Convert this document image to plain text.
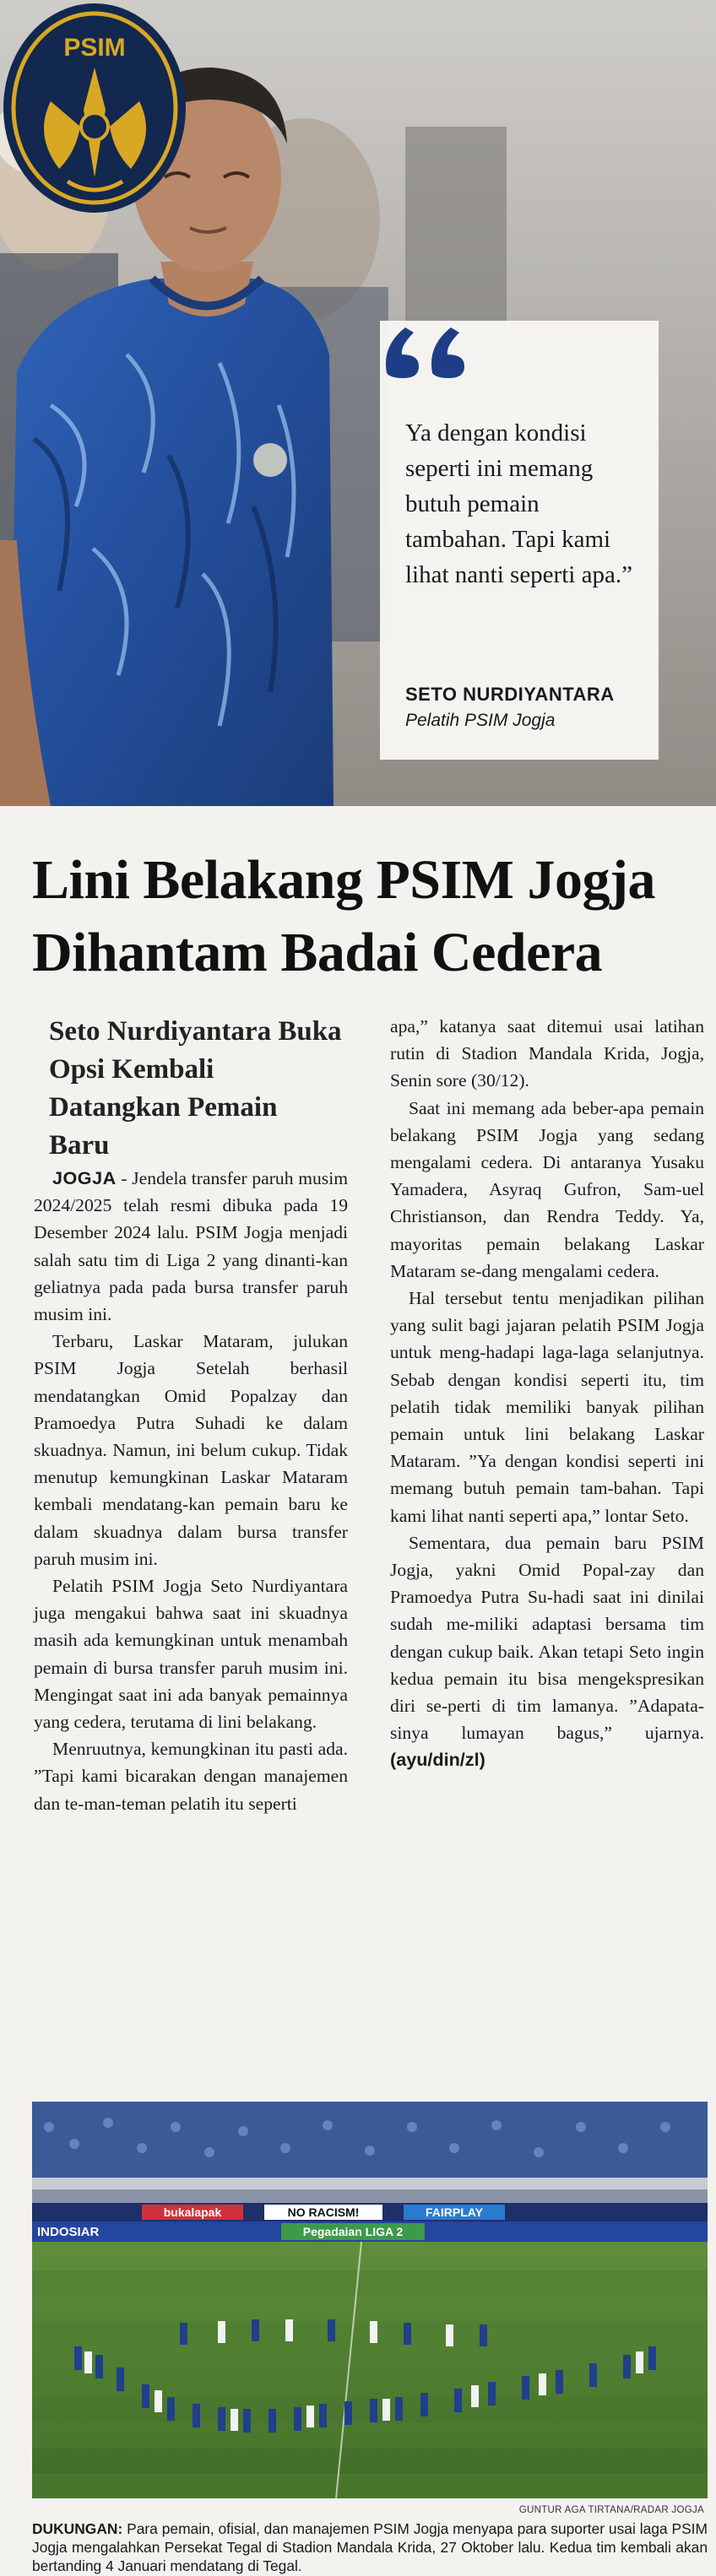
PSIM

Ya dengan kondisi seperti ini memang butuh pemain tambahan. Tapi kami lihat nanti seperti apa.”

SETO NURDIYANTARA

Pelatih PSIM Jogja

Lini Belakang PSIM Jogja Dihantam Badai Cedera
Seto Nurdiyantara Buka Opsi Kembali Datangkan Pemain Baru

JOGJA - Jendela transfer paruh musim 2024/2025 telah resmi dibuka pada 19 Desember 2024 lalu. PSIM Jogja menjadi salah satu tim di Liga 2 yang dinanti-kan geliatnya pada pada bursa transfer paruh musim ini.

Terbaru, Laskar Mataram, julukan PSIM Jogja Setelah berhasil mendatangkan Omid Popalzay dan Pramoedya Putra Suhadi ke dalam skuadnya. Namun, ini belum cukup. Tidak menutup kemungkinan Laskar Mataram kembali mendatang-kan pemain baru ke dalam skuadnya dalam bursa transfer paruh musim ini.

Pelatih PSIM Jogja Seto Nurdiyantara juga mengakui bahwa saat ini skuadnya masih ada kemungkinan untuk menambah pemain di bursa transfer paruh musim ini. Mengingat saat ini ada banyak pemainnya yang cedera, terutama di lini belakang.

Menruutnya, kemungkinan itu pasti ada. ”Tapi kami bicarakan dengan manajemen dan te-man-teman pelatih itu seperti

apa,” katanya saat ditemui usai latihan rutin di Stadion Mandala Krida, Jogja, Senin sore (30/12).

Saat ini memang ada beber-apa pemain belakang PSIM Jogja yang sedang mengalami cedera. Di antaranya Yusaku Yamadera, Asyraq Gufron, Sam-uel Christianson, dan Rendra Teddy. Ya, mayoritas pemain belakang Laskar Mataram se-dang mengalami cedera.

Hal tersebut tentu menjadikan pilihan yang sulit bagi jajaran pelatih PSIM Jogja untuk meng-hadapi laga-laga selanjutnya. Sebab dengan kondisi seperti itu, tim pelatih tidak memiliki banyak pilihan pemain untuk lini belakang Laskar Mataram. ”Ya dengan kondisi seperti ini memang butuh pemain tam-bahan. Tapi kami lihat nanti seperti apa,” lontar Seto.

Sementara, dua pemain baru PSIM Jogja, yakni Omid Popal-zay dan Pramoedya Putra Su-hadi saat ini dinilai sudah me-miliki adaptasi bersama tim dengan cukup baik. Akan tetapi Seto ingin kedua pemain itu bisa mengekspresikan diri se-perti di tim lamanya. ”Adapata-sinya lumayan bagus,” ujarnya. (ayu/din/zl)

bukalapak	NO RACISM!	FAIRPLAY
INDOSIAR	Pegadaian LIGA 2

GUNTUR AGA TIRTANA/RADAR JOGJA

DUKUNGAN: Para pemain, ofisial, dan manajemen PSIM Jogja menyapa para suporter usai laga PSIM Jogja mengalahkan Persekat Tegal di Stadion Mandala Krida, 27 Oktober lalu. Kedua tim kembali akan bertanding 4 Januari mendatang di Tegal.
